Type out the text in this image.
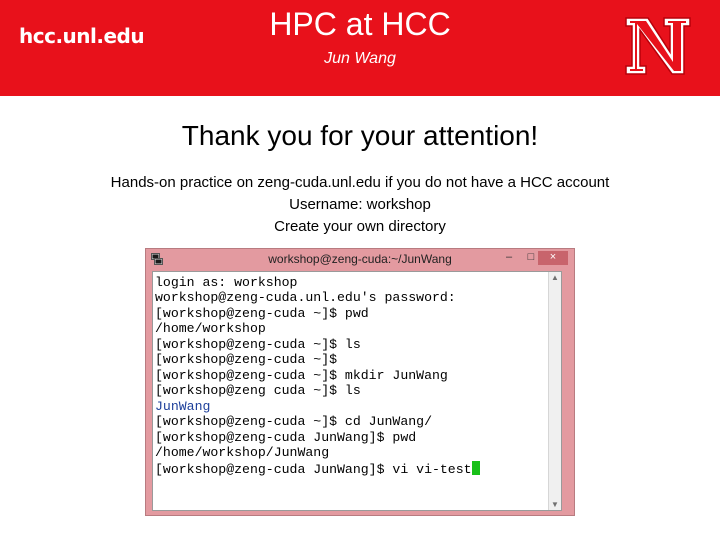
hcc.unl.edu	HPC at HCC
Jun Wang
Thank you for your attention!
Hands-on practice on zeng-cuda.unl.edu if you do not have a HCC account
Username: workshop
Create your own directory
workshop@zeng-cuda:~/JunWang	–	□	×
login as: workshop
workshop@zeng-cuda.unl.edu's password:
[workshop@zeng-cuda ~]$ pwd
/home/workshop
[workshop@zeng-cuda ~]$ ls
[workshop@zeng-cuda ~]$
[workshop@zeng-cuda ~]$ mkdir JunWang
[workshop@zeng cuda ~]$ ls
JunWang
[workshop@zeng-cuda ~]$ cd JunWang/
[workshop@zeng-cuda JunWang]$ pwd
/home/workshop/JunWang
[workshop@zeng-cuda JunWang]$ vi vi-test
▲
▼
